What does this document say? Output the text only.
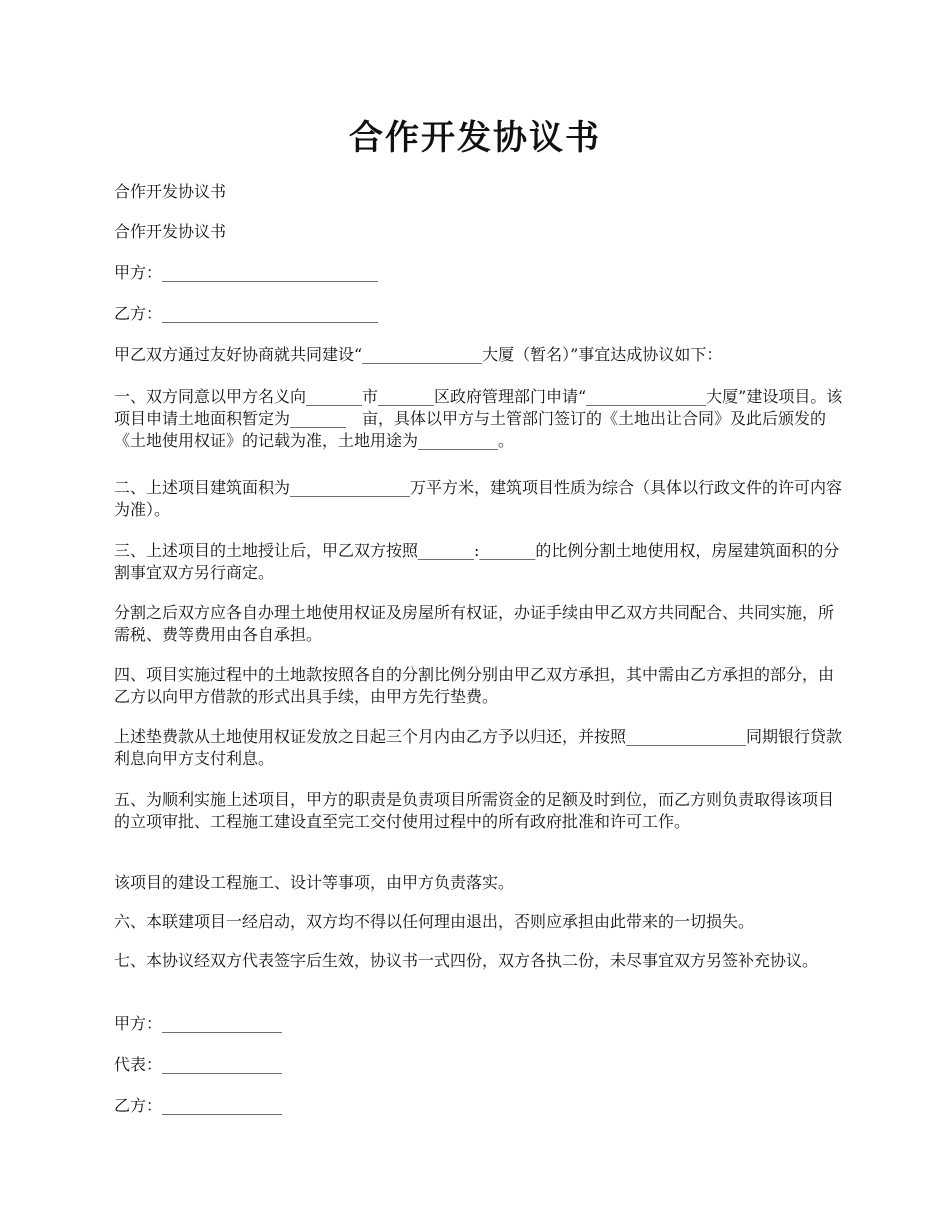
合作开发协议书
合作开发协议书
合作开发协议书
甲方：___________________________
乙方：___________________________
甲乙双方通过友好协商就共同建设“_______________大厦（暂名）”事宜达成协议如下：
一、双方同意以甲方名义向_______市_______区政府管理部门申请“_______________大厦”建设项目。该项目申请土地面积暂定为_______　亩，具体以甲方与土管部门签订的《土地出让合同》及此后颁发的《土地使用权证》的记载为准，土地用途为__________。
二、上述项目建筑面积为_______________万平方米，建筑项目性质为综合（具体以行政文件的许可内容为准）。
三、上述项目的土地授让后，甲乙双方按照_______:_______的比例分割土地使用权，房屋建筑面积的分割事宜双方另行商定。
分割之后双方应各自办理土地使用权证及房屋所有权证，办证手续由甲乙双方共同配合、共同实施，所需税、费等费用由各自承担。
四、项目实施过程中的土地款按照各自的分割比例分别由甲乙双方承担，其中需由乙方承担的部分，由乙方以向甲方借款的形式出具手续，由甲方先行垫费。
上述垫费款从土地使用权证发放之日起三个月内由乙方予以归还，并按照_______________同期银行贷款利息向甲方支付利息。
五、为顺利实施上述项目，甲方的职责是负责项目所需资金的足额及时到位，而乙方则负责取得该项目的立项审批、工程施工建设直至完工交付使用过程中的所有政府批准和许可工作。
该项目的建设工程施工、设计等事项，由甲方负责落实。
六、本联建项目一经启动，双方均不得以任何理由退出，否则应承担由此带来的一切损失。
七、本协议经双方代表签字后生效，协议书一式四份，双方各执二份，未尽事宜双方另签补充协议。
甲方：_______________
代表：_______________
乙方：_______________
